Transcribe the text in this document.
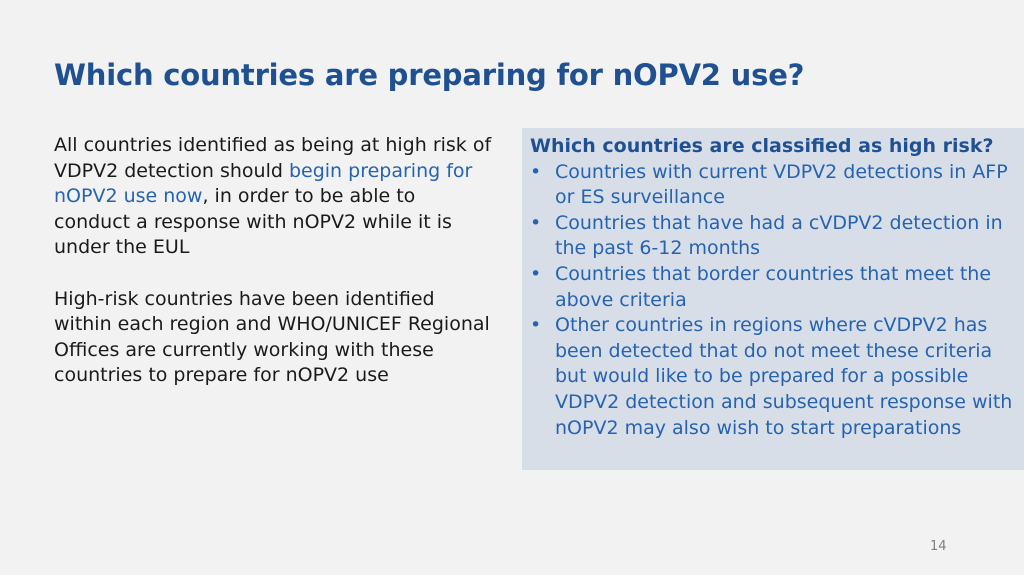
Which countries are preparing for nOPV2 use?

All countries identified as being at high risk of VDPV2 detection should begin preparing for nOPV2 use now, in order to be able to conduct a response with nOPV2 while it is under the EUL

High-risk countries have been identified within each region and WHO/UNICEF Regional Offices are currently working with these countries to prepare for nOPV2 use

Which countries are classified as high risk?

• Countries with current VDPV2 detections in AFP or ES surveillance
• Countries that have had a cVDPV2 detection in the past 6-12 months
• Countries that border countries that meet the above criteria
• Other countries in regions where cVDPV2 has been detected that do not meet these criteria but would like to be prepared for a possible VDPV2 detection and subsequent response with nOPV2 may also wish to start preparations
14
